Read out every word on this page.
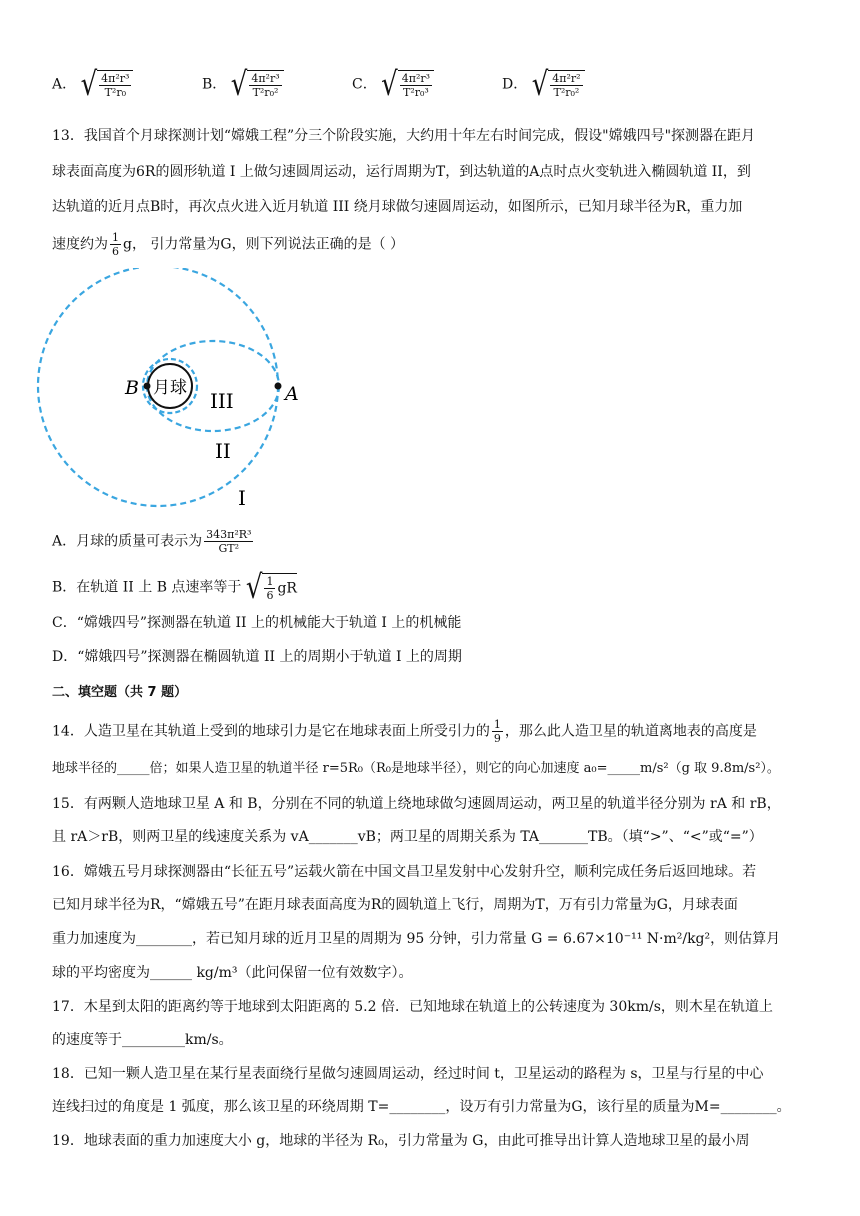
A． √ $\frac{\text{4π²r³}}{\text{T²r₀}}$	B． √ $\frac{\text{4π²r³}}{\text{T²r₀²}}$	C． √ $\frac{\text{4π²r³}}{\text{T²r₀³}}$	D． √ $\frac{\text{4π²r²}}{\text{T²r₀²}}$
13．我国首个月球探测计划“嫦娥工程”分三个阶段实施，大约用十年左右时间完成，假设"嫦娥四号"探测器在距月
球表面高度为6R的圆形轨道 I 上做匀速圆周运动，运行周期为T，到达轨道的A点时点火变轨进入椭圆轨道 II，到
达轨道的近月点B时，再次点火进入近月轨道 III 绕月球做匀速圆周运动，如图所示，已知月球半径为R，重力加
速度约为 $\frac{1}{6}$ g， 引力常量为G，则下列说法正确的是（ ）
月球
B	A
III
II
I
A．月球的质量可表示为 $\frac{\text{343π²R³}}{\text{GT²}}$
B．在轨道 II 上 B 点速率等于 √ $\frac{1}{6}$ gR
C．“嫦娥四号”探测器在轨道 II 上的机械能大于轨道 I 上的机械能
D．“嫦娥四号”探测器在椭圆轨道 II 上的周期小于轨道 I 上的周期
二、填空题（共 7 题）
14．人造卫星在其轨道上受到的地球引力是它在地球表面上所受引力的 $\frac{1}{9}$ ，那么此人造卫星的轨道离地表的高度是
地球半径的_____倍；如果人造卫星的轨道半径 r=5R₀（R₀是地球半径），则它的向心加速度 a₀=_____m/s²（g 取 9.8m/s²）。
15．有两颗人造地球卫星 A 和 B，分别在不同的轨道上绕地球做匀速圆周运动，两卫星的轨道半径分别为 rA 和 rB，
且 rA＞rB，则两卫星的线速度关系为 vA_______vB；两卫星的周期关系为 TA_______TB。（填“>”、“<”或“=”）
16．嫦娥五号月球探测器由“长征五号”运载火箭在中国文昌卫星发射中心发射升空，顺利完成任务后返回地球。若
已知月球半径为R，“嫦娥五号”在距月球表面高度为R的圆轨道上飞行，周期为T，万有引力常量为G，月球表面
重力加速度为________，若已知月球的近月卫星的周期为 95 分钟，引力常量 G = 6.67×10⁻¹¹ N·m²/kg²，则估算月
球的平均密度为______ kg/m³（此问保留一位有效数字）。
17．木星到太阳的距离约等于地球到太阳距离的 5.2 倍．已知地球在轨道上的公转速度为 30km/s，则木星在轨道上
的速度等于_________km/s。
18．已知一颗人造卫星在某行星表面绕行星做匀速圆周运动，经过时间 t，卫星运动的路程为 s，卫星与行星的中心
连线扫过的角度是 1 弧度，那么该卫星的环绕周期 T=________，设万有引力常量为G，该行星的质量为M=________。
19．地球表面的重力加速度大小 g，地球的半径为 R₀，引力常量为 G，由此可推导出计算人造地球卫星的最小周
